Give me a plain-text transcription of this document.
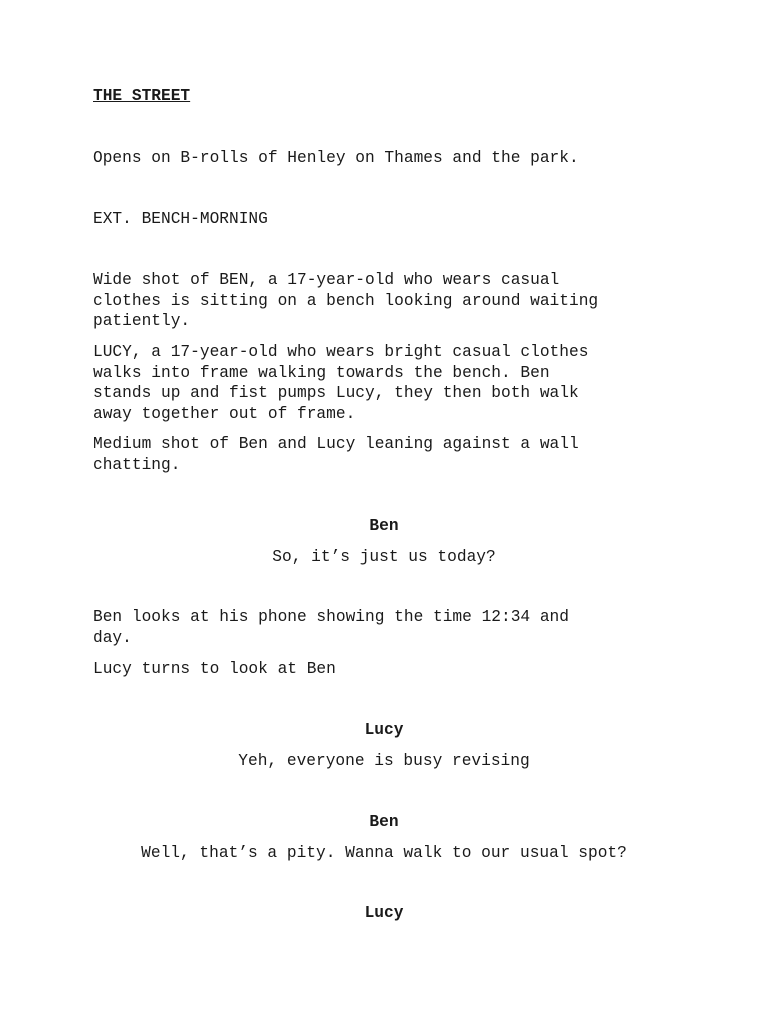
THE STREET
Opens on B-rolls of Henley on Thames and the park.
EXT. BENCH-MORNING
Wide shot of BEN, a 17-year-old who wears casual
clothes is sitting on a bench looking around waiting
patiently.
LUCY, a 17-year-old who wears bright casual clothes
walks into frame walking towards the bench. Ben
stands up and fist pumps Lucy, they then both walk
away together out of frame.
Medium shot of Ben and Lucy leaning against a wall
chatting.
Ben
So, it’s just us today?
Ben looks at his phone showing the time 12:34 and
day.
Lucy turns to look at Ben
Lucy
Yeh, everyone is busy revising
Ben
Well, that’s a pity. Wanna walk to our usual spot?
Lucy
